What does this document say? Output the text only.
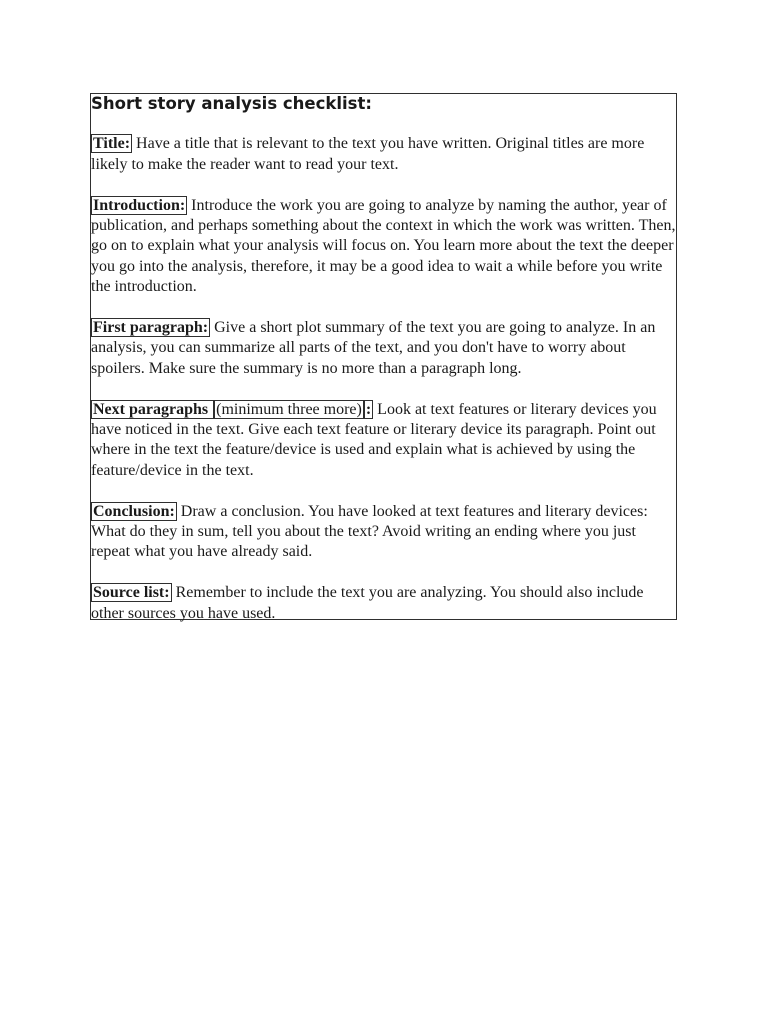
Short story analysis checklist:

Title: Have a title that is relevant to the text you have written. Original titles are more likely to make the reader want to read your text.

Introduction: Introduce the work you are going to analyze by naming the author, year of publication, and perhaps something about the context in which the work was written. Then, go on to explain what your analysis will focus on. You learn more about the text the deeper you go into the analysis, therefore, it may be a good idea to wait a while before you write the introduction.

First paragraph: Give a short plot summary of the text you are going to analyze. In an analysis, you can summarize all parts of the text, and you don't have to worry about spoilers. Make sure the summary is no more than a paragraph long.

Next paragraphs (minimum three more) : Look at text features or literary devices you have noticed in the text. Give each text feature or literary device its paragraph. Point out where in the text the feature/device is used and explain what is achieved by using the feature/device in the text.

Conclusion: Draw a conclusion. You have looked at text features and literary devices: What do they in sum, tell you about the text? Avoid writing an ending where you just repeat what you have already said.

Source list: Remember to include the text you are analyzing. You should also include other sources you have used.
